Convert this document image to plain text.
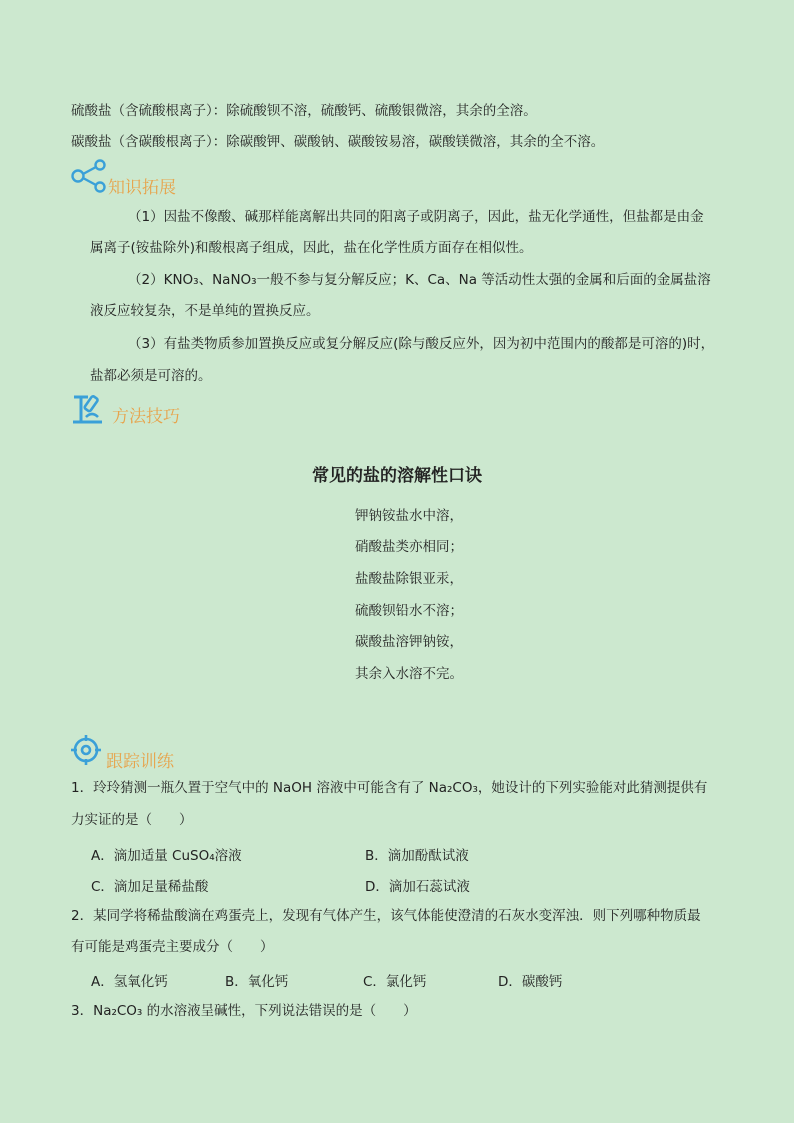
硫酸盐（含硫酸根离子）：除硫酸钡不溶，硫酸钙、硫酸银微溶，其余的全溶。
碳酸盐（含碳酸根离子）：除碳酸钾、碳酸钠、碳酸铵易溶，碳酸镁微溶，其余的全不溶。
知识拓展
（1）因盐不像酸、碱那样能离解出共同的阳离子或阴离子，因此，盐无化学通性，但盐都是由金
属离子(铵盐除外)和酸根离子组成，因此，盐在化学性质方面存在相似性。
（2）KNO₃、NaNO₃一般不参与复分解反应；K、Ca、Na 等活动性太强的金属和后面的金属盐溶
液反应较复杂，不是单纯的置换反应。
（3）有盐类物质参加置换反应或复分解反应(除与酸反应外，因为初中范围内的酸都是可溶的)时，
盐都必须是可溶的。
方法技巧
常见的盐的溶解性口诀
钾钠铵盐水中溶，
硝酸盐类亦相同；
盐酸盐除银亚汞，
硫酸钡铅水不溶；
碳酸盐溶钾钠铵，
其余入水溶不完。
跟踪训练
1．玲玲猜测一瓶久置于空气中的 NaOH 溶液中可能含有了 Na₂CO₃，她设计的下列实验能对此猜测提供有
力实证的是（　　）
A．滴加适量 CuSO₄溶液	B．滴加酚酞试液
C．滴加足量稀盐酸	D．滴加石蕊试液
2．某同学将稀盐酸滴在鸡蛋壳上，发现有气体产生，该气体能使澄清的石灰水变浑浊．则下列哪种物质最
有可能是鸡蛋壳主要成分（　　）
A．氢氧化钙	B．氧化钙	C．氯化钙	D．碳酸钙
3．Na₂CO₃ 的水溶液呈碱性，下列说法错误的是（　　）
